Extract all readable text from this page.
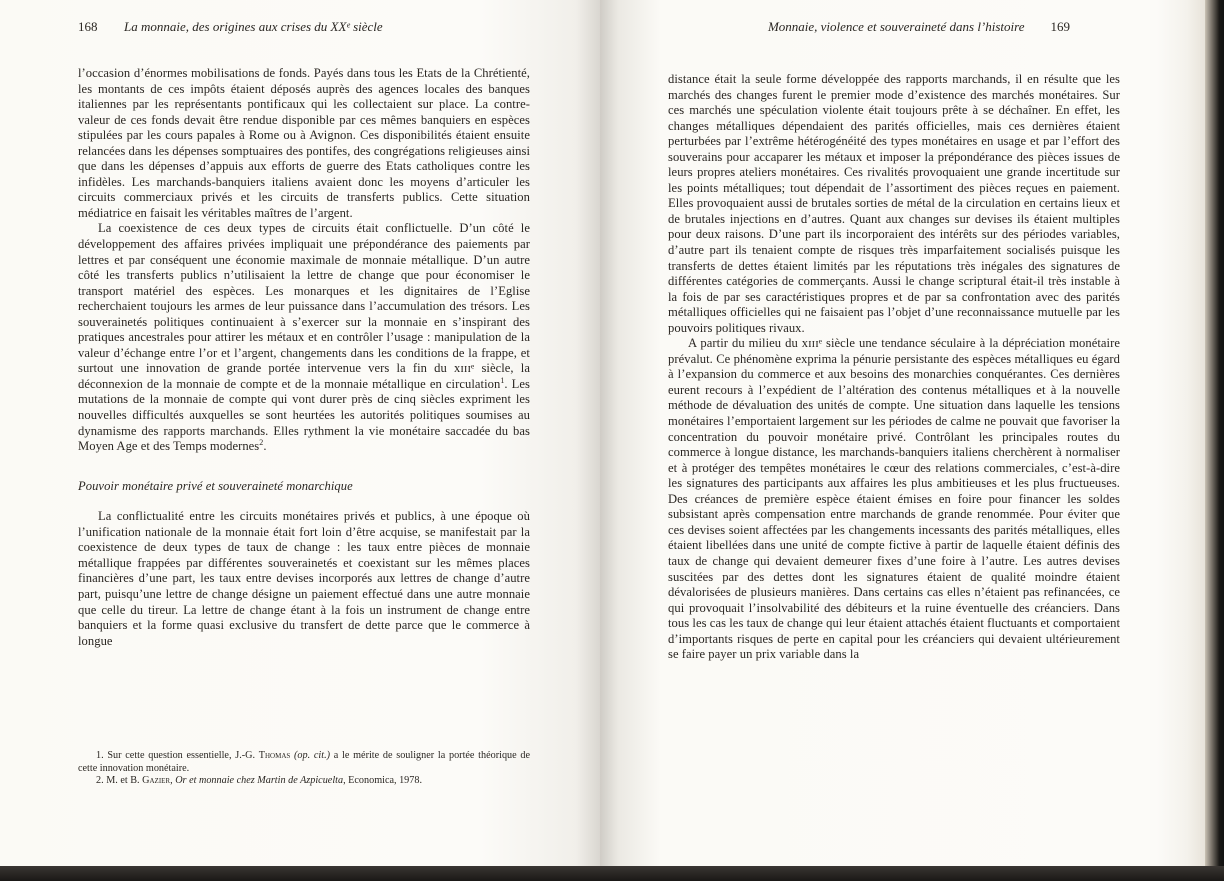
168 La monnaie, des origines aux crises du XXᵉ siècle

l’occasion d’énormes mobilisations de fonds. Payés dans tous les Etats de la Chrétienté, les montants de ces impôts étaient déposés auprès des agences locales des banques italiennes par les représentants pontificaux qui les collectaient sur place. La contre-valeur de ces fonds devait être rendue disponible par ces mêmes banquiers en espèces stipulées par les cours papales à Rome ou à Avignon. Ces disponibilités étaient ensuite relancées dans les dépenses somptuaires des pontifes, des congrégations religieuses ainsi que dans les dépenses d’appuis aux efforts de guerre des Etats catholiques contre les infidèles. Les marchands-banquiers italiens avaient donc les moyens d’articuler les circuits commerciaux privés et les circuits de transferts publics. Cette situation médiatrice en faisait les véritables maîtres de l’argent.

La coexistence de ces deux types de circuits était conflictuelle. D’un côté le développement des affaires privées impliquait une prépondérance des paiements par lettres et par conséquent une économie maximale de monnaie métallique. D’un autre côté les transferts publics n’utilisaient la lettre de change que pour économiser le transport matériel des espèces. Les monarques et les dignitaires de l’Eglise recherchaient toujours les armes de leur puissance dans l’accumulation des trésors. Les souverainetés politiques continuaient à s’exercer sur la monnaie en s’inspirant des pratiques ancestrales pour attirer les métaux et en contrôler l’usage : manipulation de la valeur d’échange entre l’or et l’argent, changements dans les conditions de la frappe, et surtout une innovation de grande portée intervenue vers la fin du xɪɪɪᵉ siècle, la déconnexion de la monnaie de compte et de la monnaie métallique en circulation$^1$. Les mutations de la monnaie de compte qui vont durer près de cinq siècles expriment les nouvelles difficultés auxquelles se sont heurtées les autorités politiques soumises au dynamisme des rapports marchands. Elles rythment la vie monétaire saccadée du bas Moyen Age et des Temps modernes$^2$.

Pouvoir monétaire privé et souveraineté monarchique

La conflictualité entre les circuits monétaires privés et publics, à une époque où l’unification nationale de la monnaie était fort loin d’être acquise, se manifestait par la coexistence de deux types de taux de change : les taux entre pièces de monnaie métallique frappées par différentes souverainetés et coexistant sur les mêmes places financières d’une part, les taux entre devises incorporés aux lettres de change d’autre part, puisqu’une lettre de change désigne un paiement effectué dans une autre monnaie que celle du tireur. La lettre de change étant à la fois un instrument de change entre banquiers et la forme quasi exclusive du transfert de dette parce que le commerce à longue

1. Sur cette question essentielle, J.-G. Thomas (op. cit.) a le mérite de souligner la portée théorique de cette innovation monétaire.

2. M. et B. Gazier, Or et monnaie chez Martin de Azpicuelta, Economica, 1978.

Monnaie, violence et souveraineté dans l’histoire 169

distance était la seule forme développée des rapports marchands, il en résulte que les marchés des changes furent le premier mode d’existence des marchés monétaires. Sur ces marchés une spéculation violente était toujours prête à se déchaîner. En effet, les changes métalliques dépendaient des parités officielles, mais ces dernières étaient perturbées par l’extrême hétérogénéité des types monétaires en usage et par l’effort des souverains pour accaparer les métaux et imposer la prépondérance des pièces issues de leurs propres ateliers monétaires. Ces rivalités provoquaient une grande incertitude sur les points métalliques; tout dépendait de l’assortiment des pièces reçues en paiement. Elles provoquaient aussi de brutales sorties de métal de la circulation en certains lieux et de brutales injections en d’autres. Quant aux changes sur devises ils étaient multiples pour deux raisons. D’une part ils incorporaient des intérêts sur des périodes variables, d’autre part ils tenaient compte de risques très imparfaitement socialisés puisque les transferts de dettes étaient limités par les réputations très inégales des signatures de différentes catégories de commerçants. Aussi le change scriptural était-il très instable à la fois de par ses caractéristiques propres et de par sa confrontation avec des parités métalliques officielles qui ne faisaient pas l’objet d’une reconnaissance mutuelle par les pouvoirs politiques rivaux.

A partir du milieu du xɪɪɪᵉ siècle une tendance séculaire à la dépréciation monétaire prévalut. Ce phénomène exprima la pénurie persistante des espèces métalliques eu égard à l’expansion du commerce et aux besoins des monarchies conquérantes. Ces dernières eurent recours à l’expédient de l’altération des contenus métalliques et à la nouvelle méthode de dévaluation des unités de compte. Une situation dans laquelle les tensions monétaires l’emportaient largement sur les périodes de calme ne pouvait que favoriser la concentration du pouvoir monétaire privé. Contrôlant les principales routes du commerce à longue distance, les marchands-banquiers italiens cherchèrent à normaliser et à protéger des tempêtes monétaires le cœur des relations commerciales, c’est-à-dire les signatures des participants aux affaires les plus ambitieuses et les plus fructueuses. Des créances de première espèce étaient émises en foire pour financer les soldes subsistant après compensation entre marchands de grande renommée. Pour éviter que ces devises soient affectées par les changements incessants des parités métalliques, elles étaient libellées dans une unité de compte fictive à partir de laquelle étaient définis des taux de change qui devaient demeurer fixes d’une foire à l’autre. Les autres devises suscitées par des dettes dont les signatures étaient de qualité moindre étaient dévalorisées de plusieurs manières. Dans certains cas elles n’étaient pas refinancées, ce qui provoquait l’insolvabilité des débiteurs et la ruine éventuelle des créanciers. Dans tous les cas les taux de change qui leur étaient attachés étaient fluctuants et comportaient d’importants risques de perte en capital pour les créanciers qui devaient ultérieurement se faire payer un prix variable dans la
